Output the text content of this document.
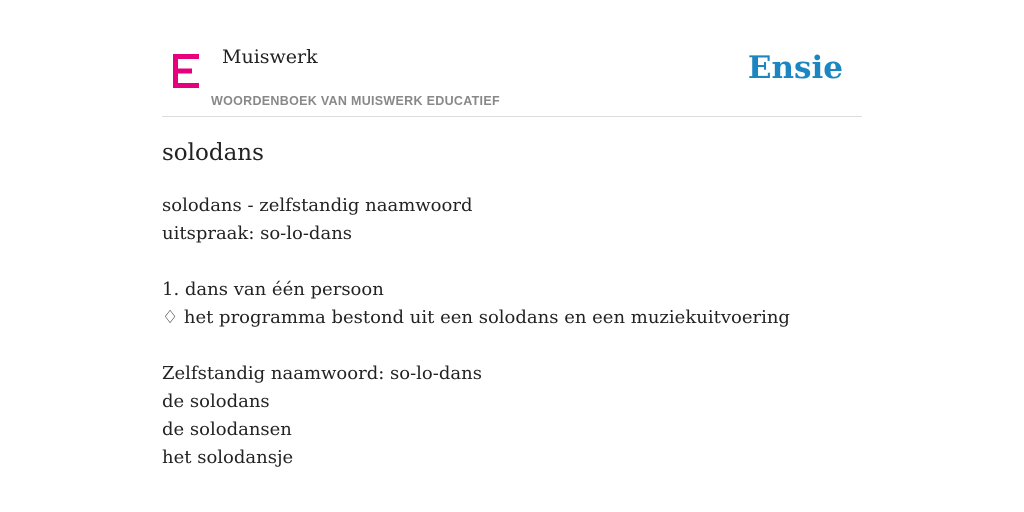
Muiswerk
WOORDENBOEK VAN MUISWERK EDUCATIEF
Ensie
solodans
solodans - zelfstandig naamwoord
uitspraak: so-lo-dans
1. dans van één persoon
♢ het programma bestond uit een solodans en een muziekuitvoering
Zelfstandig naamwoord: so-lo-dans
de solodans
de solodansen
het solodansje
